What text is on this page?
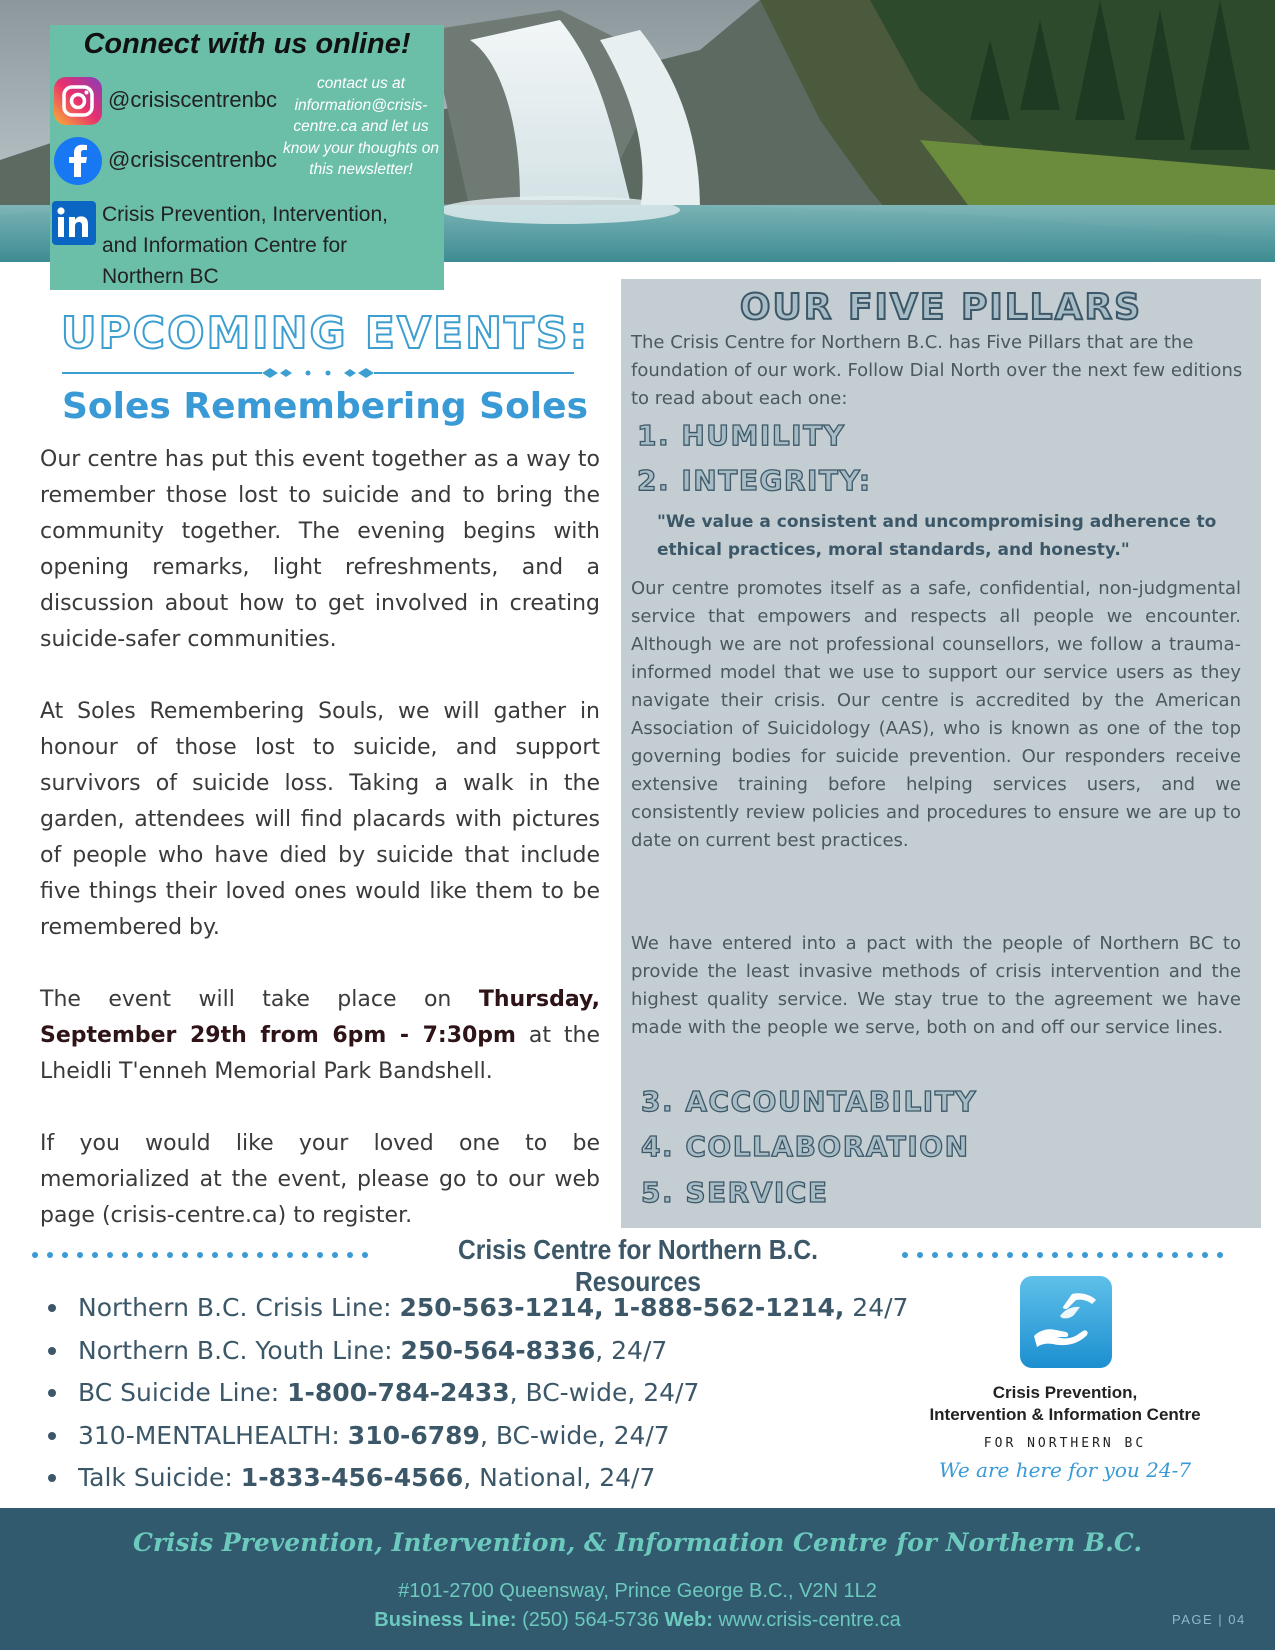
Connect with us online!
@crisiscentrenbc
@crisiscentrenbc
Crisis Prevention, Intervention, and Information Centre for Northern BC
contact us at information@crisis-centre.ca and let us know your thoughts on this newsletter!
UPCOMING EVENTS:
Soles Remembering Soles

Our centre has put this event together as a way to remember those lost to suicide and to bring the community together. The evening begins with opening remarks, light refreshments, and a discussion about how to get involved in creating suicide-safer communities.

At Soles Remembering Souls, we will gather in honour of those lost to suicide, and support survivors of suicide loss. Taking a walk in the garden, attendees will find placards with pictures of people who have died by suicide that include five things their loved ones would like them to be remembered by.

The event will take place on Thursday, September 29th from 6pm - 7:30pm at the Lheidli T'enneh Memorial Park Bandshell.

If you would like your loved one to be memorialized at the event, please go to our web page (crisis-centre.ca) to register.

OUR FIVE PILLARS
The Crisis Centre for Northern B.C. has Five Pillars that are the foundation of our work. Follow Dial North over the next few editions to read about each one:
1. HUMILITY
2. INTEGRITY:
"We value a consistent and uncompromising adherence to ethical practices, moral standards, and honesty."
Our centre promotes itself as a safe, confidential, non-judgmental service that empowers and respects all people we encounter. Although we are not professional counsellors, we follow a trauma-informed model that we use to support our service users as they navigate their crisis. Our centre is accredited by the American Association of Suicidology (AAS), who is known as one of the top governing bodies for suicide prevention. Our responders receive extensive training before helping services users, and we consistently review policies and procedures to ensure we are up to date on current best practices.
We have entered into a pact with the people of Northern BC to provide the least invasive methods of crisis intervention and the highest quality service. We stay true to the agreement we have made with the people we serve, both on and off our service lines.
3. ACCOUNTABILITY
4. COLLABORATION
5. SERVICE
Crisis Centre for Northern B.C. Resources
Northern B.C. Crisis Line: 250-563-1214, 1-888-562-1214, 24/7
Northern B.C. Youth Line: 250-564-8336, 24/7
BC Suicide Line: 1-800-784-2433, BC-wide, 24/7
310-MENTALHEALTH: 310-6789, BC-wide, 24/7
Talk Suicide: 1-833-456-4566, National, 24/7
Crisis Prevention,
Intervention & Information Centre
FOR NORTHERN BC
We are here for you 24-7
Crisis Prevention, Intervention, & Information Centre for Northern B.C.
#101-2700 Queensway, Prince George B.C., V2N 1L2
Business Line: (250) 564-5736 Web: www.crisis-centre.ca	PAGE | 04
